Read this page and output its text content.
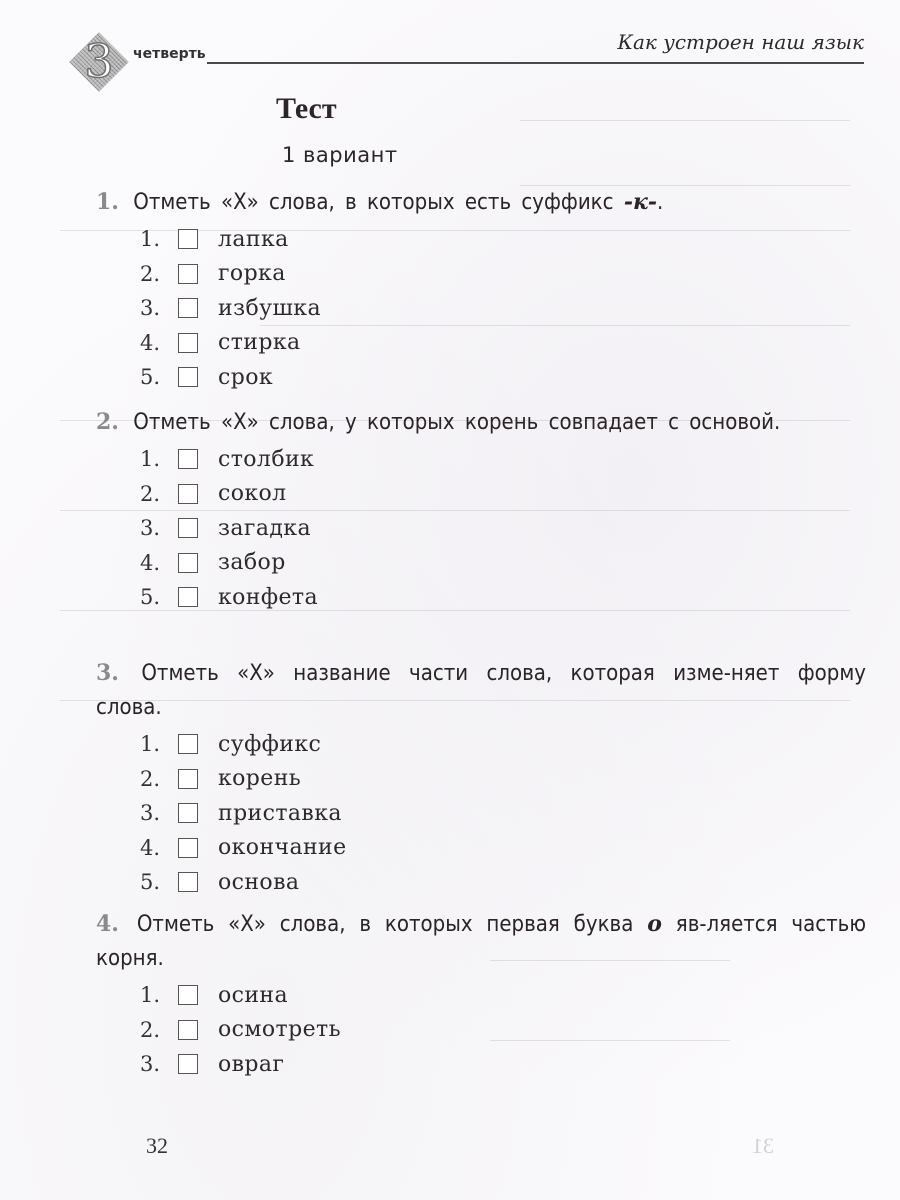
3	четверть	Как устроен наш язык
Тест
1 вариант
1. Отметь «Х» слова, в которых есть суффикс -к-.
1.	лапка
2.	горка
3.	избушка
4.	стирка
5.	срок
2. Отметь «Х» слова, у которых корень совпадает с основой.
1.	столбик
2.	сокол
3.	загадка
4.	забор
5.	конфета
3. Отметь «Х» название части слова, которая изме-няет форму слова.
1.	суффикс
2.	корень
3.	приставка
4.	окончание
5.	основа
4. Отметь «Х» слова, в которых первая буква о яв-ляется частью корня.
1.	осина
2.	осмотреть
3.	овраг
32	31
